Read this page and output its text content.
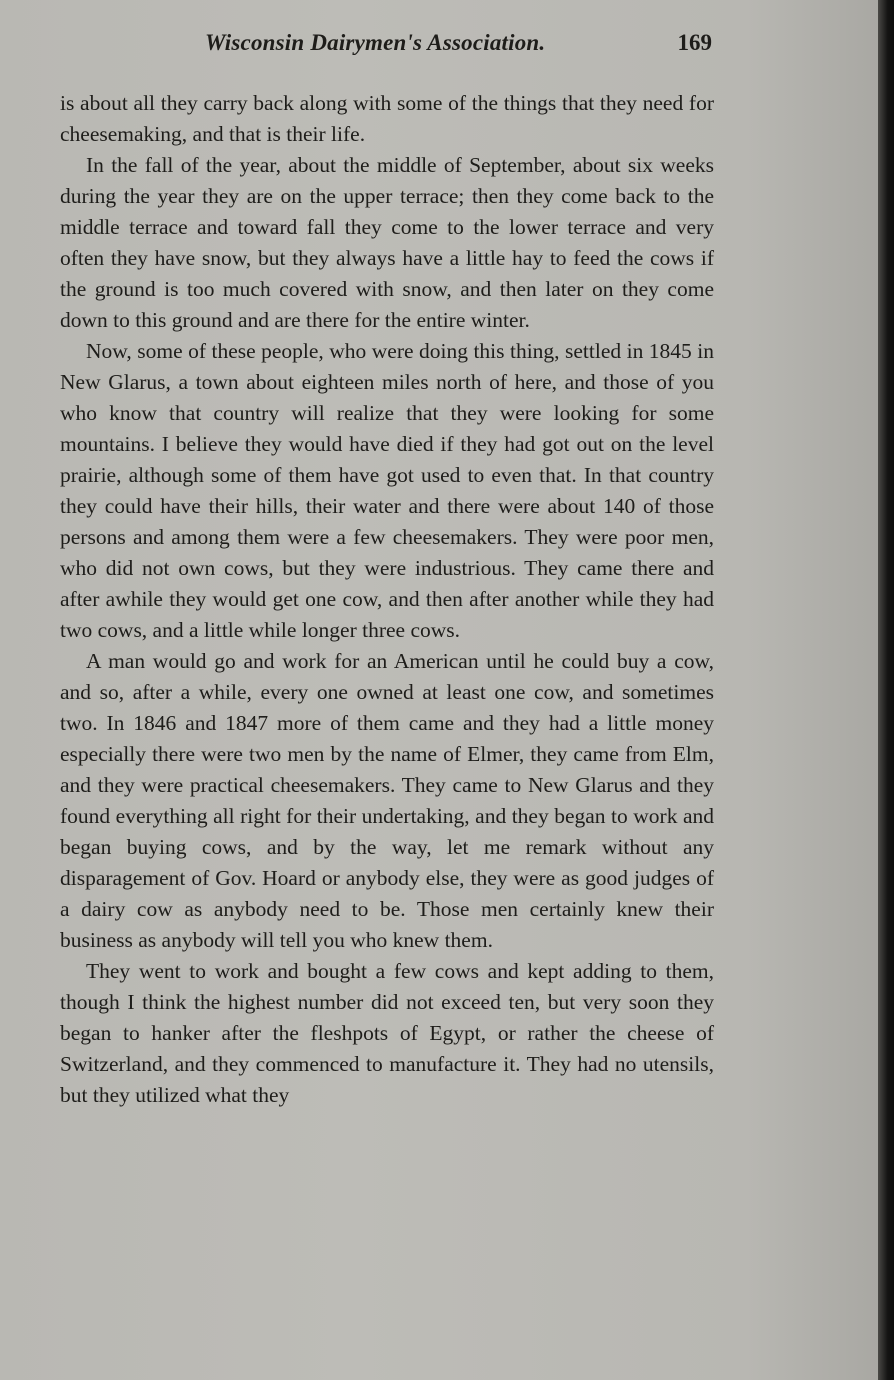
Wisconsin Dairymen's Association.	169

is about all they carry back along with some of the things that they need for cheesemaking, and that is their life.

In the fall of the year, about the middle of September, about six weeks during the year they are on the upper terrace; then they come back to the middle terrace and toward fall they come to the lower terrace and very often they have snow, but they always have a little hay to feed the cows if the ground is too much covered with snow, and then later on they come down to this ground and are there for the entire winter.

Now, some of these people, who were doing this thing, settled in 1845 in New Glarus, a town about eighteen miles north of here, and those of you who know that country will realize that they were looking for some mountains. I believe they would have died if they had got out on the level prairie, although some of them have got used to even that. In that country they could have their hills, their water and there were about 140 of those persons and among them were a few cheesemakers. They were poor men, who did not own cows, but they were industrious. They came there and after awhile they would get one cow, and then after another while they had two cows, and a little while longer three cows.

A man would go and work for an American until he could buy a cow, and so, after a while, every one owned at least one cow, and sometimes two. In 1846 and 1847 more of them came and they had a little money especially there were two men by the name of Elmer, they came from Elm, and they were practical cheesemakers. They came to New Glarus and they found everything all right for their undertaking, and they began to work and began buying cows, and by the way, let me remark without any disparagement of Gov. Hoard or anybody else, they were as good judges of a dairy cow as anybody need to be. Those men certainly knew their business as anybody will tell you who knew them.

They went to work and bought a few cows and kept adding to them, though I think the highest number did not exceed ten, but very soon they began to hanker after the fleshpots of Egypt, or rather the cheese of Switzerland, and they commenced to manufacture it. They had no utensils, but they utilized what they
